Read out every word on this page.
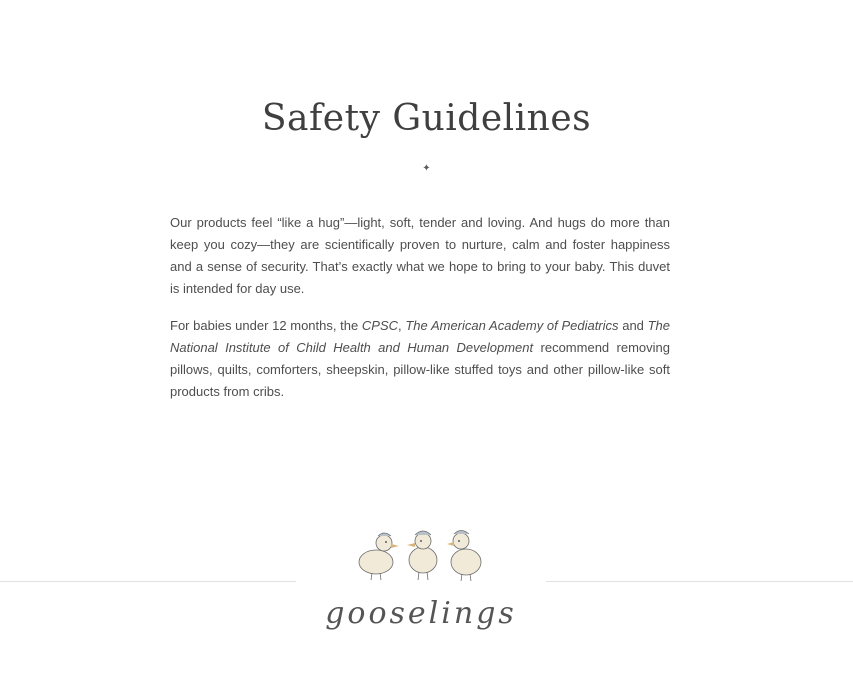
Safety Guidelines
✦

Our products feel “like a hug”—light, soft, tender and loving. And hugs do more than keep you cozy—they are scientifically proven to nurture, calm and foster happiness and a sense of security. That’s exactly what we hope to bring to your baby. This duvet is intended for day use.

For babies under 12 months, the CPSC, The American Academy of Pediatrics and The National Institute of Child Health and Human Development recommend removing pillows, quilts, comforters, sheepskin, pillow-like stuffed toys and other pillow-like soft products from cribs.

gooselings
